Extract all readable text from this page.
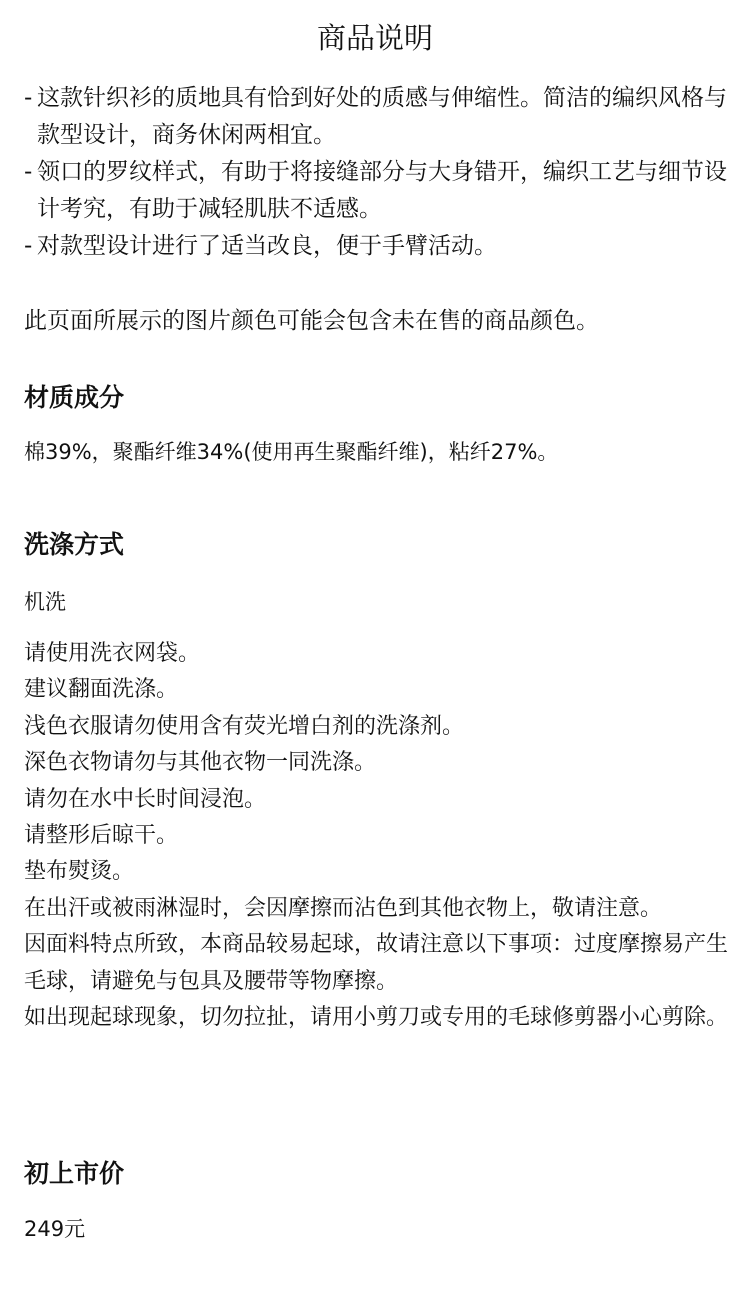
商品说明
- 这款针织衫的质地具有恰到好处的质感与伸缩性。简洁的编织风格与款型设计，商务休闲两相宜。
- 领口的罗纹样式，有助于将接缝部分与大身错开，编织工艺与细节设计考究，有助于减轻肌肤不适感。
- 对款型设计进行了适当改良，便于手臂活动。

此页面所展示的图片颜色可能会包含未在售的商品颜色。

材质成分

棉39%，聚酯纤维34%(使用再生聚酯纤维)，粘纤27%。

洗涤方式

机洗

请使用洗衣网袋。
建议翻面洗涤。
浅色衣服请勿使用含有荧光增白剂的洗涤剂。
深色衣物请勿与其他衣物一同洗涤。
请勿在水中长时间浸泡。
请整形后晾干。
垫布熨烫。
在出汗或被雨淋湿时，会因摩擦而沾色到其他衣物上，敬请注意。
因面料特点所致，本商品较易起球，故请注意以下事项：过度摩擦易产生毛球，请避免与包具及腰带等物摩擦。
如出现起球现象，切勿拉扯，请用小剪刀或专用的毛球修剪器小心剪除。
初上市价

249元
